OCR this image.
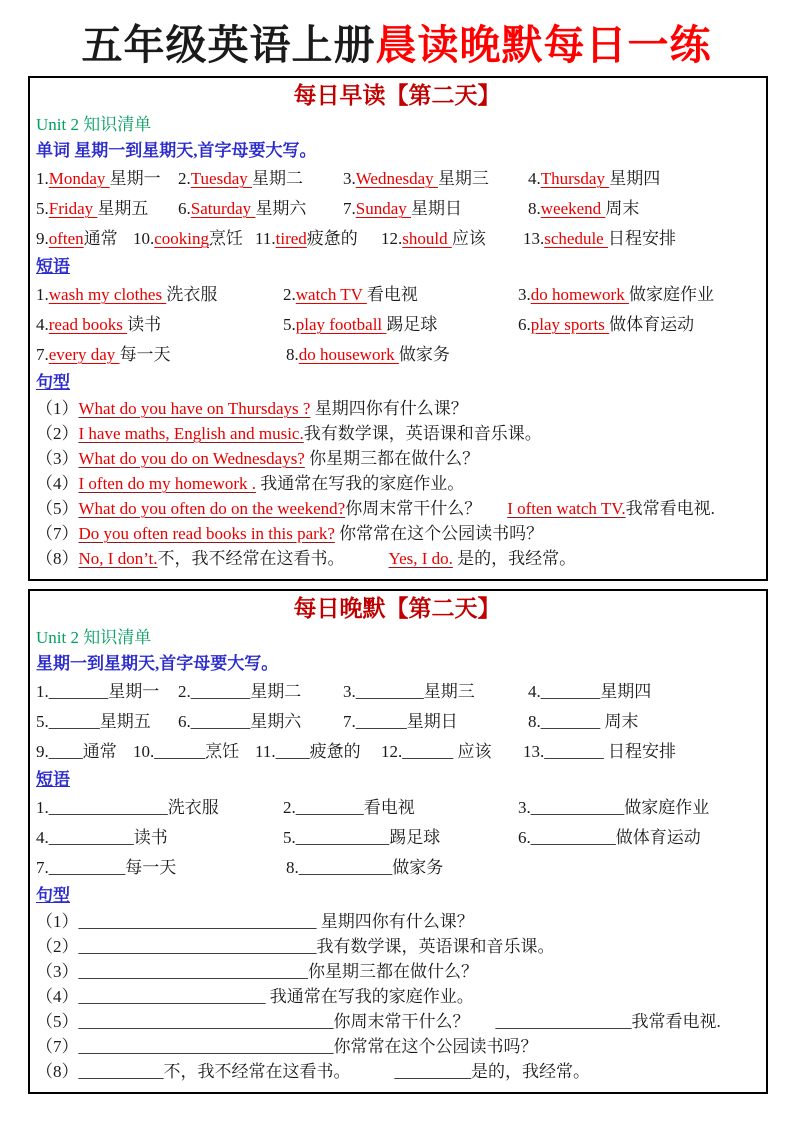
五年级英语上册晨读晚默每日一练
每日早读【第二天】
Unit 2 知识清单
单词 星期一到星期天,首字母要大写。
1.Monday 星期一	2.Tuesday 星期二	3.Wednesday 星期三	4.Thursday 星期四
5.Friday 星期五	6.Saturday 星期六	7.Sunday 星期日	8.weekend 周末
9.often通常 10.cooking烹饪 11.tired疲惫的	12.should 应该	13.schedule 日程安排
短语
1.wash my clothes 洗衣服	2.watch TV 看电视	3.do homework 做家庭作业
4.read books 读书	5.play football 踢足球	6.play sports 做体育运动
7.every day 每一天	8.do housework 做家务
句型
（1）What do you have on Thursdays ? 星期四你有什么课？
（2）I have maths, English and music.我有数学课，英语课和音乐课。
（3）What do you do on Wednesdays? 你星期三都在做什么？
（4）I often do my homework . 我通常在写我的家庭作业。
（5）What do you often do on the weekend?你周末常干什么？ I often watch TV.我常看电视.
（7）Do you often read books in this park? 你常常在这个公园读书吗？
（8）No, I don’t.不，我不经常在这看书。	Yes, I do. 是的，我经常。
每日晚默【第二天】
Unit 2 知识清单
星期一到星期天,首字母要大写。
1._______星期一	2._______星期二	3.________星期三	4._______星期四
5.______星期五	6._______星期六	7.______星期日	8._______ 周末
9.____通常 10.______烹饪 11.____疲惫的	12.______ 应该	13._______ 日程安排
短语
1.______________洗衣服	2.________看电视	3.___________做家庭作业
4.__________读书	5.___________踢足球	6.__________做体育运动
7._________每一天	8.___________做家务
句型
（1）____________________________ 星期四你有什么课？
（2）____________________________我有数学课，英语课和音乐课。
（3）___________________________你星期三都在做什么？
（4）______________________ 我通常在写我的家庭作业。
（5）______________________________你周末常干什么？ ________________我常看电视.
（7）______________________________你常常在这个公园读书吗？
（8）__________不，我不经常在这看书。	_________是的，我经常。
